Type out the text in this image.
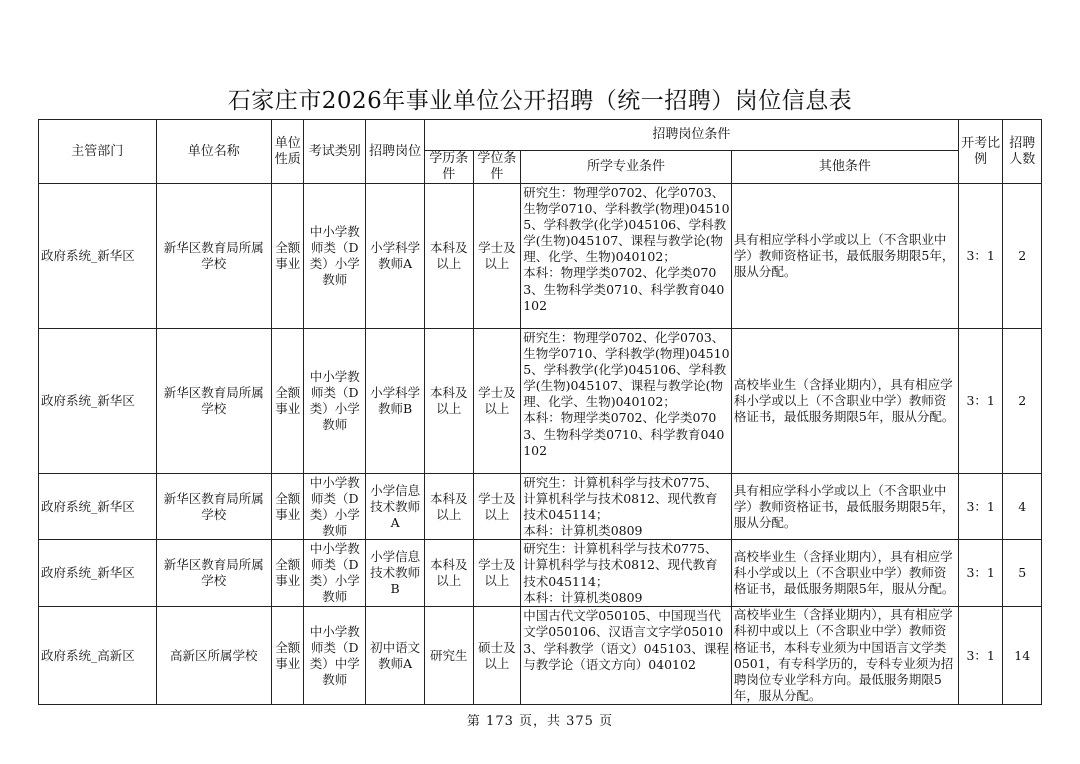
石家庄市2026年事业单位公开招聘（统一招聘）岗位信息表
主管部门	单位名称	单位性质	考试类别	招聘岗位	招聘岗位条件				开考比例	招聘人数
					学历条件	学位条件	所学专业条件	其他条件		
政府系统_新华区	新华区教育局所属学校	全额事业	中小学教师类（D类）小学教师	小学科学教师A	本科及以上	学士及以上	研究生：物理学0702、化学0703、生物学0710、学科教学(物理)045105、学科教学(化学)045106、学科教学(生物)045107、课程与教学论(物理、化学、生物)040102；
本科：物理学类0702、化学类0703、生物科学类0710、科学教育040102	具有相应学科小学或以上（不含职业中学）教师资格证书，最低服务期限5年，服从分配。	3：1	2
政府系统_新华区	新华区教育局所属学校	全额事业	中小学教师类（D类）小学教师	小学科学教师B	本科及以上	学士及以上	研究生：物理学0702、化学0703、生物学0710、学科教学(物理)045105、学科教学(化学)045106、学科教学(生物)045107、课程与教学论(物理、化学、生物)040102；
本科：物理学类0702、化学类0703、生物科学类0710、科学教育040102	高校毕业生（含择业期内），具有相应学科小学或以上（不含职业中学）教师资格证书，最低服务期限5年，服从分配。	3：1	2
政府系统_新华区	新华区教育局所属学校	全额事业	中小学教师类（D类）小学教师	小学信息技术教师A	本科及以上	学士及以上	研究生：计算机科学与技术0775、计算机科学与技术0812、现代教育技术045114；
本科：计算机类0809	具有相应学科小学或以上（不含职业中学）教师资格证书，最低服务期限5年，服从分配。	3：1	4
政府系统_新华区	新华区教育局所属学校	全额事业	中小学教师类（D类）小学教师	小学信息技术教师B	本科及以上	学士及以上	研究生：计算机科学与技术0775、计算机科学与技术0812、现代教育技术045114；
本科：计算机类0809	高校毕业生（含择业期内），具有相应学科小学或以上（不含职业中学）教师资格证书，最低服务期限5年，服从分配。	3：1	5
政府系统_高新区	高新区所属学校	全额事业	中小学教师类（D类）中学教师	初中语文教师A	研究生	硕士及以上	中国古代文学050105、中国现当代文学050106、汉语言文字学050103、学科教学（语文）045103、课程与教学论（语文方向）040102	高校毕业生（含择业期内），具有相应学科初中或以上（不含职业中学）教师资格证书，本科专业须为中国语言文学类0501，有专科学历的，专科专业须为招聘岗位专业学科方向。最低服务期限5年，服从分配。	3：1	14
第 173 页，共 375 页
